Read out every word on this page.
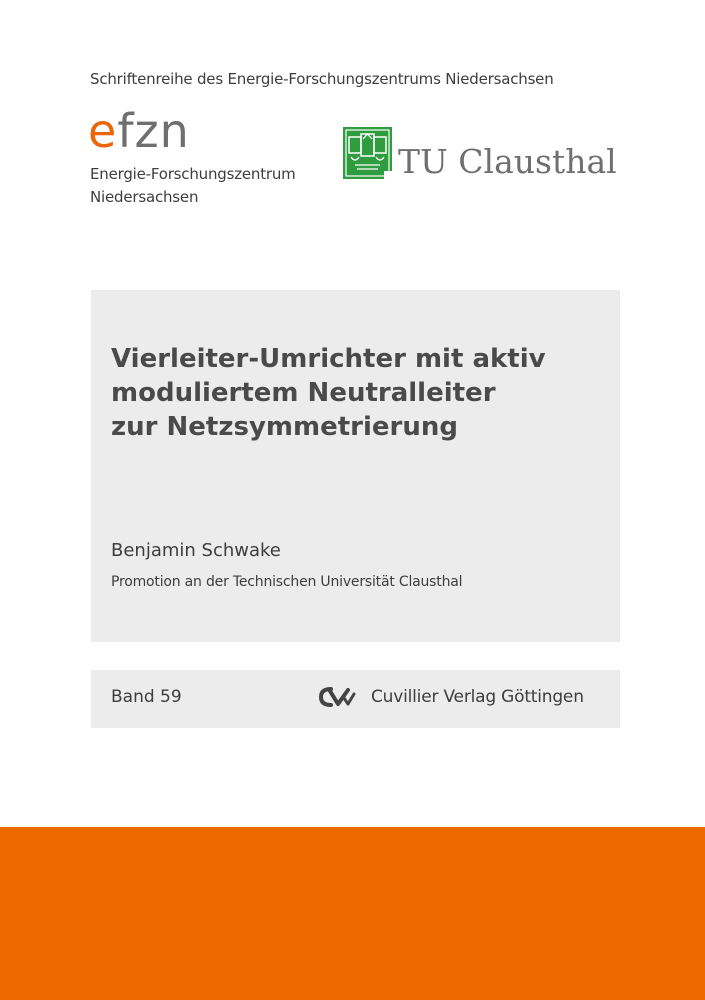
Schriftenreihe des Energie-Forschungszentrums Niedersachsen
efzn
Energie-Forschungszentrum
Niedersachsen
TU Clausthal
Vierleiter-Umrichter mit aktiv
moduliertem Neutralleiter
zur Netzsymmetrierung
Benjamin Schwake
Promotion an der Technischen Universität Clausthal
Band 59	Cuvillier Verlag Göttingen
